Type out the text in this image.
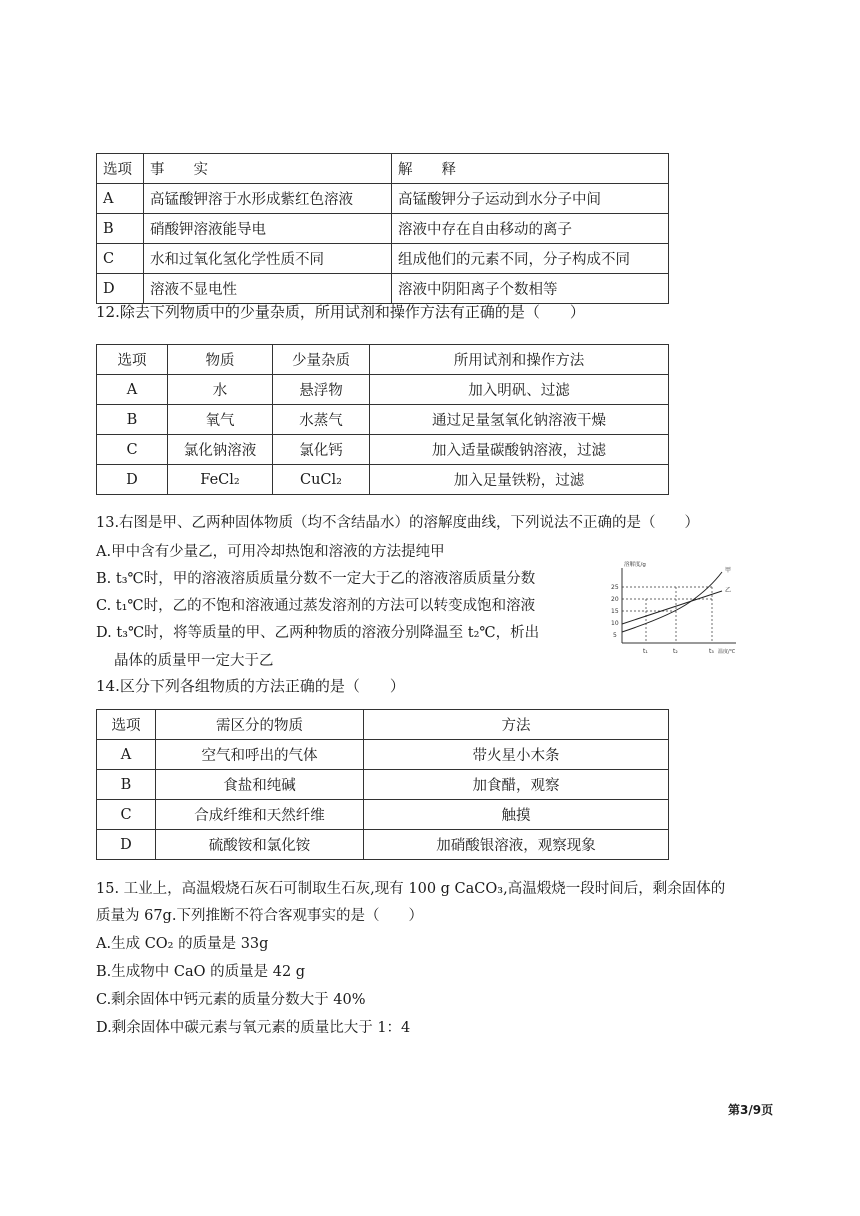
选项	事　　实	解　　释
A	高锰酸钾溶于水形成紫红色溶液	高锰酸钾分子运动到水分子中间
B	硝酸钾溶液能导电	溶液中存在自由移动的离子
C	水和过氧化氢化学性质不同	组成他们的元素不同，分子构成不同
D	溶液不显电性	溶液中阴阳离子个数相等
12.除去下列物质中的少量杂质，所用试剂和操作方法有正确的是（　　）
选项	物质	少量杂质	所用试剂和操作方法
A	水	悬浮物	加入明矾、过滤
B	氧气	水蒸气	通过足量氢氧化钠溶液干燥
C	氯化钠溶液	氯化钙	加入适量碳酸钠溶液，过滤
D	FeCl₂	CuCl₂	加入足量铁粉，过滤
13.右图是甲、乙两种固体物质（均不含结晶水）的溶解度曲线，下列说法不正确的是（　　）
A.甲中含有少量乙，可用冷却热饱和溶液的方法提纯甲
B. t₃℃时，甲的溶液溶质质量分数不一定大于乙的溶液溶质质量分数
C. t₁℃时，乙的不饱和溶液通过蒸发溶剂的方法可以转变成饱和溶液
D. t₃℃时，将等质量的甲、乙两种物质的溶液分别降温至 t₂℃，析出
晶体的质量甲一定大于乙
溶解度/g
25
20
15
10
5
甲
乙
t₁	t₂	t₃ 温度/℃
14.区分下列各组物质的方法正确的是（　　）
选项	需区分的物质	方法
A	空气和呼出的气体	带火星小木条
B	食盐和纯碱	加食醋，观察
C	合成纤维和天然纤维	触摸
D	硫酸铵和氯化铵	加硝酸银溶液，观察现象
15. 工业上，高温煅烧石灰石可制取生石灰,现有 100 g CaCO₃,高温煅烧一段时间后，剩余固体的
质量为 67g.下列推断不符合客观事实的是（　　）
A.生成 CO₂ 的质量是 33g
B.生成物中 CaO 的质量是 42 g
C.剩余固体中钙元素的质量分数大于 40%
D.剩余固体中碳元素与氧元素的质量比大于 1：4
第3/9页
